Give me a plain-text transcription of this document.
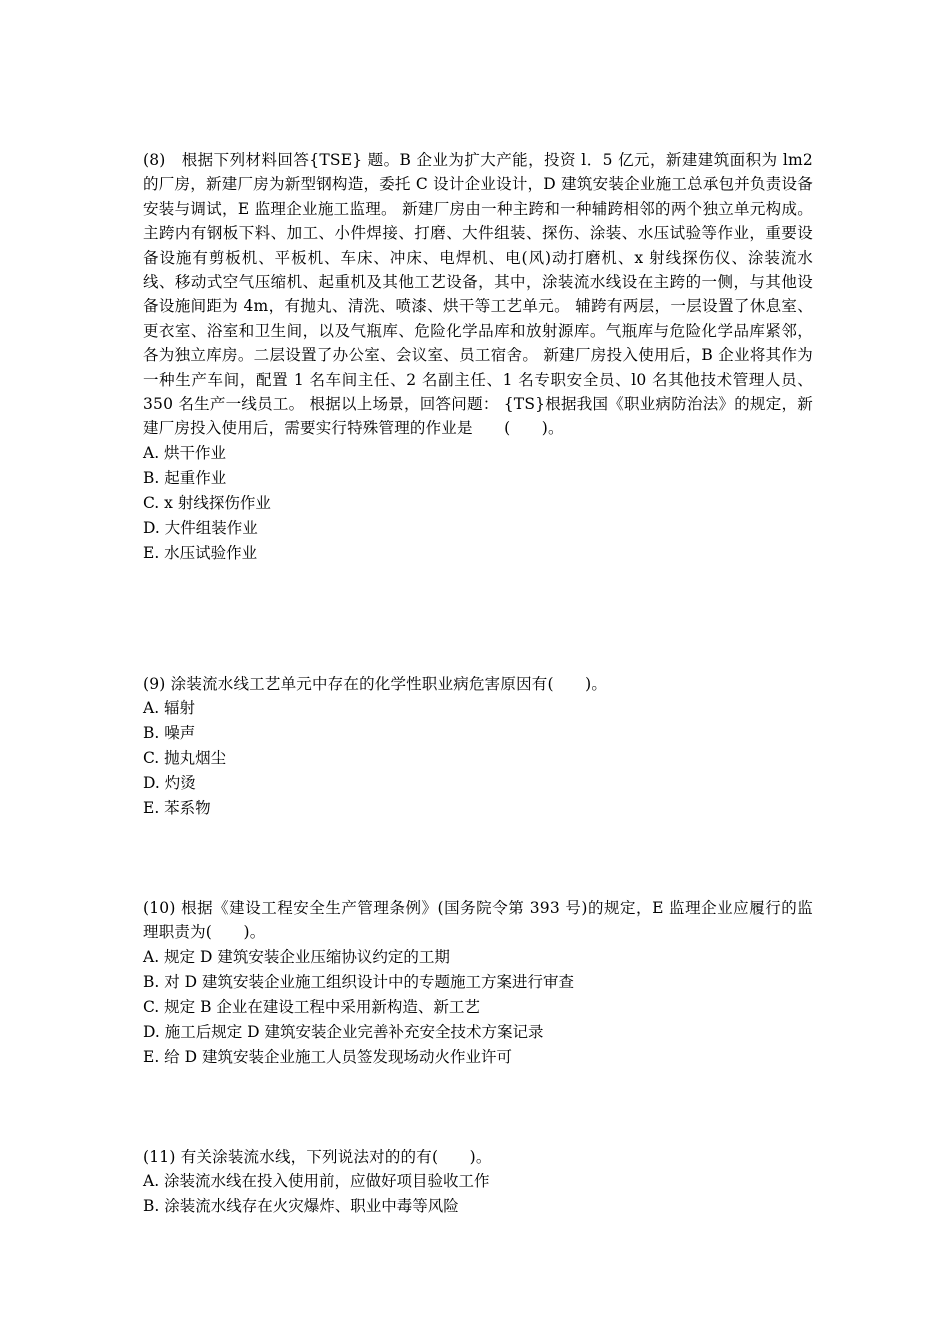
(8)　根据下列材料回答{TSE} 题。B 企业为扩大产能，投资 l．5 亿元，新建建筑面积为 lm2 的厂房，新建厂房为新型钢构造，委托 C 设计企业设计，D 建筑安装企业施工总承包并负责设备安装与调试，E 监理企业施工监理。 新建厂房由一种主跨和一种辅跨相邻的两个独立单元构成。 主跨内有钢板下料、加工、小件焊接、打磨、大件组装、探伤、涂装、水压试验等作业，重要设备设施有剪板机、平板机、车床、冲床、电焊机、电(风)动打磨机、x 射线探伤仪、涂装流水线、移动式空气压缩机、起重机及其他工艺设备，其中，涂装流水线设在主跨的一侧，与其他设备设施间距为 4m，有抛丸、清洗、喷漆、烘干等工艺单元。 辅跨有两层，一层设置了休息室、更衣室、浴室和卫生间，以及气瓶库、危险化学品库和放射源库。气瓶库与危险化学品库紧邻，各为独立库房。二层设置了办公室、会议室、员工宿舍。 新建厂房投入使用后，B 企业将其作为一种生产车间，配置 1 名车间主任、2 名副主任、1 名专职安全员、l0 名其他技术管理人员、350 名生产一线员工。 根据以上场景，回答问题： {TS}根据我国《职业病防治法》的规定，新建厂房投入使用后，需要实行特殊管理的作业是　　(　　)。

A. 烘干作业

B. 起重作业

C. x 射线探伤作业

D. 大件组装作业

E. 水压试验作业

(9) 涂装流水线工艺单元中存在的化学性职业病危害原因有(　　)。

A. 辐射

B. 噪声

C. 抛丸烟尘

D. 灼烫

E. 苯系物

(10) 根据《建设工程安全生产管理条例》(国务院令第 393 号)的规定，E 监理企业应履行的监理职责为(　　)。

A. 规定 D 建筑安装企业压缩协议约定的工期

B. 对 D 建筑安装企业施工组织设计中的专题施工方案进行审查

C. 规定 B 企业在建设工程中采用新构造、新工艺

D. 施工后规定 D 建筑安装企业完善补充安全技术方案记录

E. 给 D 建筑安装企业施工人员签发现场动火作业许可

(11) 有关涂装流水线，下列说法对的的有(　　)。

A. 涂装流水线在投入使用前，应做好项目验收工作

B. 涂装流水线存在火灾爆炸、职业中毒等风险
